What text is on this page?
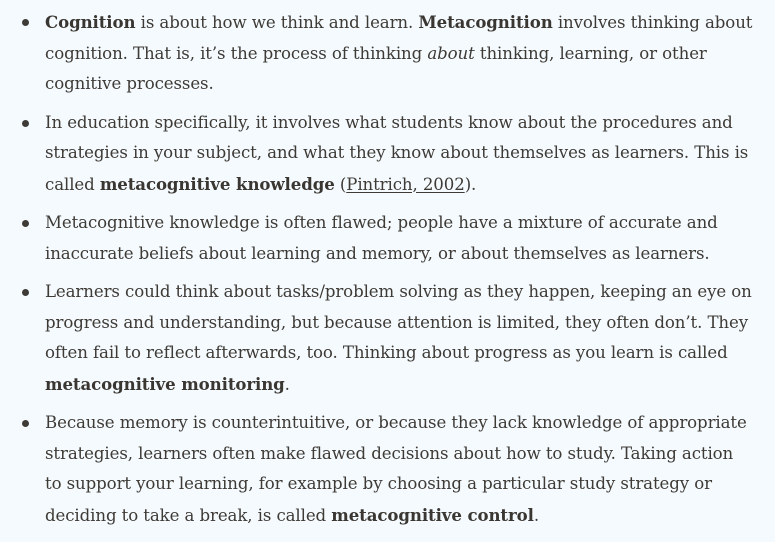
Cognition is about how we think and learn. Metacognition involves thinking about cognition. That is, it’s the process of thinking about thinking, learning, or other cognitive processes.
In education specifically, it involves what students know about the procedures and strategies in your subject, and what they know about themselves as learners. This is called metacognitive knowledge (Pintrich, 2002).
Metacognitive knowledge is often flawed; people have a mixture of accurate and inaccurate beliefs about learning and memory, or about themselves as learners.
Learners could think about tasks/problem solving as they happen, keeping an eye on progress and understanding, but because attention is limited, they often don’t. They often fail to reflect afterwards, too. Thinking about progress as you learn is called metacognitive monitoring.
Because memory is counterintuitive, or because they lack knowledge of appropriate strategies, learners often make flawed decisions about how to study. Taking action to support your learning, for example by choosing a particular study strategy or deciding to take a break, is called metacognitive control.
